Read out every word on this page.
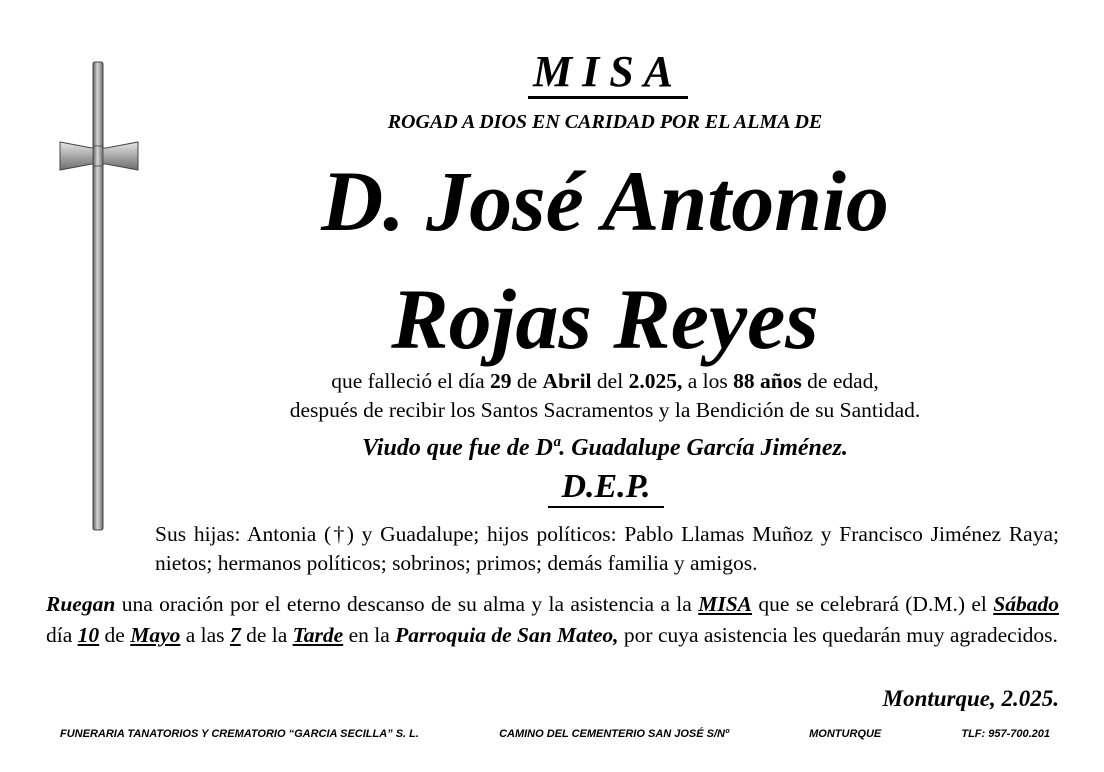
MISA
ROGAD A DIOS EN CARIDAD POR EL ALMA DE
D. José Antonio
Rojas Reyes
que falleció el día 29 de Abril del 2.025, a los 88 años de edad,
después de recibir los Santos Sacramentos y la Bendición de su Santidad.
Viudo que fue de Dª. Guadalupe García Jiménez.
D.E.P.
Sus hijas: Antonia (†) y Guadalupe; hijos políticos: Pablo Llamas Muñoz y Francisco Jiménez Raya; nietos; hermanos políticos; sobrinos; primos; demás familia y amigos.
Ruegan una oración por el eterno descanso de su alma y la asistencia a la MISA que se celebrará (D.M.) el Sábado día 10 de Mayo a las 7 de la Tarde en la Parroquia de San Mateo, por cuya asistencia les quedarán muy agradecidos.
Monturque, 2.025.
FUNERARIA TANATORIOS Y CREMATORIO “GARCIA SECILLA” S. L.	CAMINO DEL CEMENTERIO SAN JOSÉ S/Nº	MONTURQUE	TLF: 957-700.201
